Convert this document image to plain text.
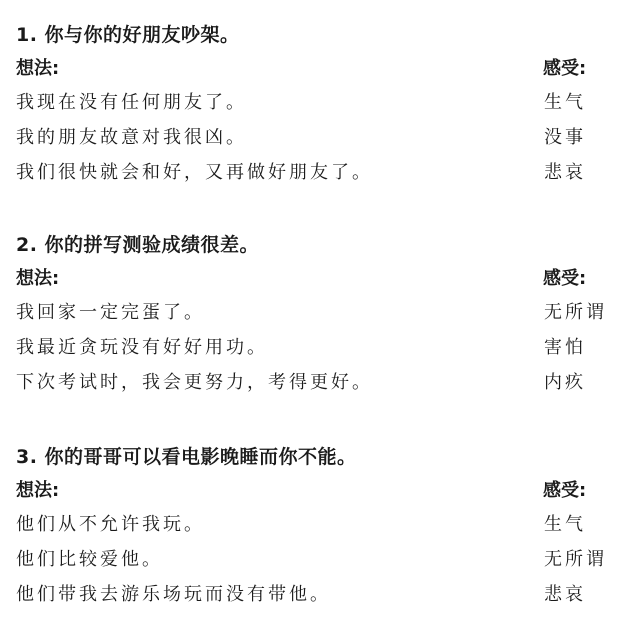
1. 你与你的好朋友吵架。
想法:	感受:
我现在没有任何朋友了。	生气
我的朋友故意对我很凶。	没事
我们很快就会和好，又再做好朋友了。	悲哀
2. 你的拼写测验成绩很差。
想法:	感受:
我回家一定完蛋了。	无所谓
我最近贪玩没有好好用功。	害怕
下次考试时，我会更努力，考得更好。	内疚
3. 你的哥哥可以看电影晚睡而你不能。
想法:	感受:
他们从不允许我玩。	生气
他们比较爱他。	无所谓
他们带我去游乐场玩而没有带他。	悲哀
